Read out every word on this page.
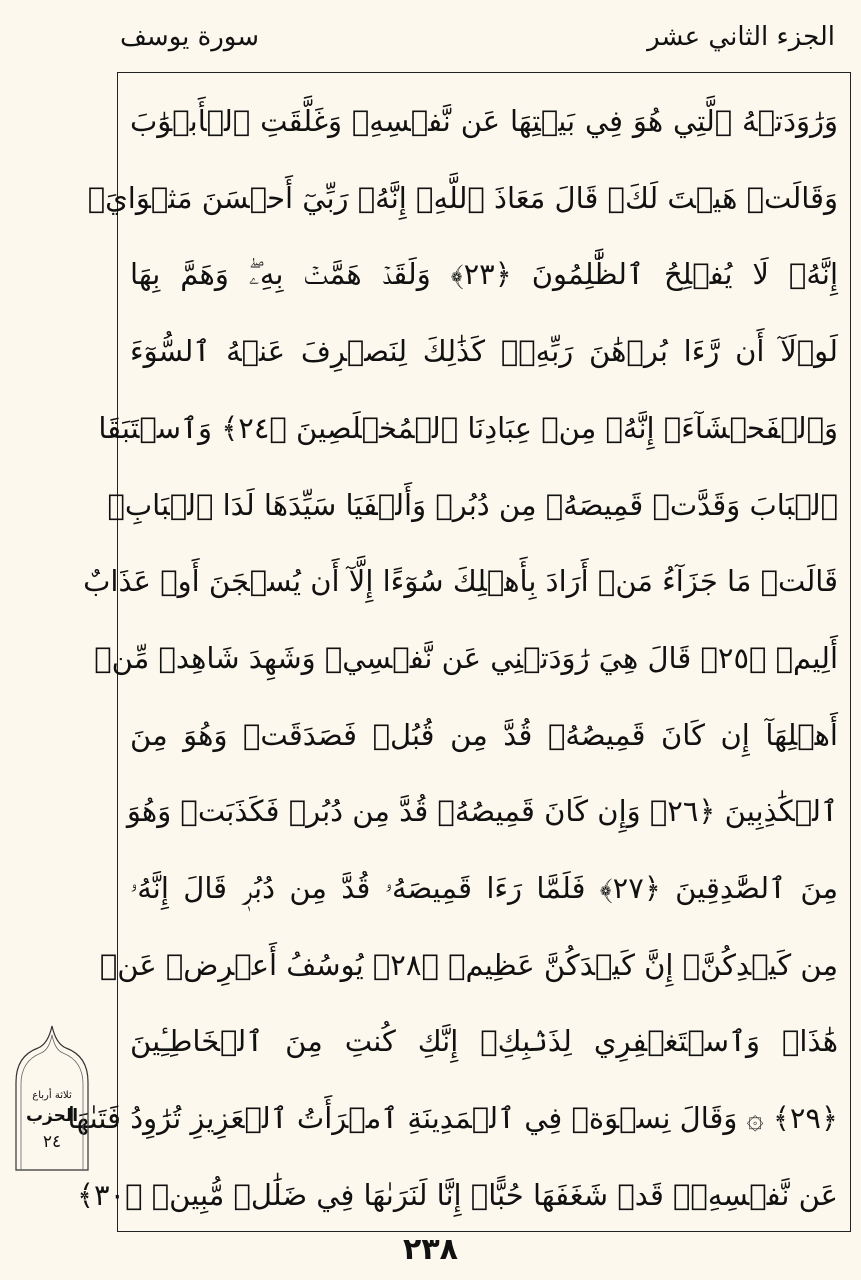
الجزء الثاني عشر
سورة يوسف
وَرَٰوَدَتۡهُ ٱلَّتِي هُوَ فِي بَيۡتِهَا عَن نَّفۡسِهِۦ وَغَلَّقَتِ ٱلۡأَبۡوَٰبَ
وَقَالَتۡ هَيۡتَ لَكَۚ قَالَ مَعَاذَ ٱللَّهِۖ إِنَّهُۥ رَبِّيٓ أَحۡسَنَ مَثۡوَايَۖ
إِنَّهُۥ لَا يُفۡلِحُ ٱلظَّٰلِمُونَ ﴿٢٣﴾ وَلَقَدۡ هَمَّتۡ بِهِۦۖ وَهَمَّ بِهَا
لَوۡلَآ أَن رَّءَا بُرۡهَٰنَ رَبِّهِۦۚ كَذَٰلِكَ لِنَصۡرِفَ عَنۡهُ ٱلسُّوٓءَ
وَٱلۡفَحۡشَآءَۚ إِنَّهُۥ مِنۡ عِبَادِنَا ٱلۡمُخۡلَصِينَ ﴿٢٤﴾ وَٱسۡتَبَقَا
ٱلۡبَابَ وَقَدَّتۡ قَمِيصَهُۥ مِن دُبُرٖ وَأَلۡفَيَا سَيِّدَهَا لَدَا ٱلۡبَابِۚ
قَالَتۡ مَا جَزَآءُ مَنۡ أَرَادَ بِأَهۡلِكَ سُوٓءًا إِلَّآ أَن يُسۡجَنَ أَوۡ عَذَابٌ
أَلِيمٞ ﴿٢٥﴾ قَالَ هِيَ رَٰوَدَتۡنِي عَن نَّفۡسِيۚ وَشَهِدَ شَاهِدٞ مِّنۡ
أَهۡلِهَآ إِن كَانَ قَمِيصُهُۥ قُدَّ مِن قُبُلٖ فَصَدَقَتۡ وَهُوَ مِنَ
ٱلۡكَٰذِبِينَ ﴿٢٦﴾ وَإِن كَانَ قَمِيصُهُۥ قُدَّ مِن دُبُرٖ فَكَذَبَتۡ وَهُوَ
مِنَ ٱلصَّٰدِقِينَ ﴿٢٧﴾ فَلَمَّا رَءَا قَمِيصَهُۥ قُدَّ مِن دُبُرٖ قَالَ إِنَّهُۥ
مِن كَيۡدِكُنَّۖ إِنَّ كَيۡدَكُنَّ عَظِيمٞ ﴿٢٨﴾ يُوسُفُ أَعۡرِضۡ عَنۡ
هَٰذَاۚ وَٱسۡتَغۡفِرِي لِذَنۢبِكِۖ إِنَّكِ كُنتِ مِنَ ٱلۡخَاطِـِٔينَ
﴿٢٩﴾ ۞ وَقَالَ نِسۡوَةٞ فِي ٱلۡمَدِينَةِ ٱمۡرَأَتُ ٱلۡعَزِيزِ تُرَٰوِدُ فَتَىٰهَا
عَن نَّفۡسِهِۦۖ قَدۡ شَغَفَهَا حُبًّاۖ إِنَّا لَنَرَىٰهَا فِي ضَلَٰلٖ مُّبِينٖ ﴿٣٠﴾
ثلاثة أرباع
الحزب
٢٤
٢٣٨
